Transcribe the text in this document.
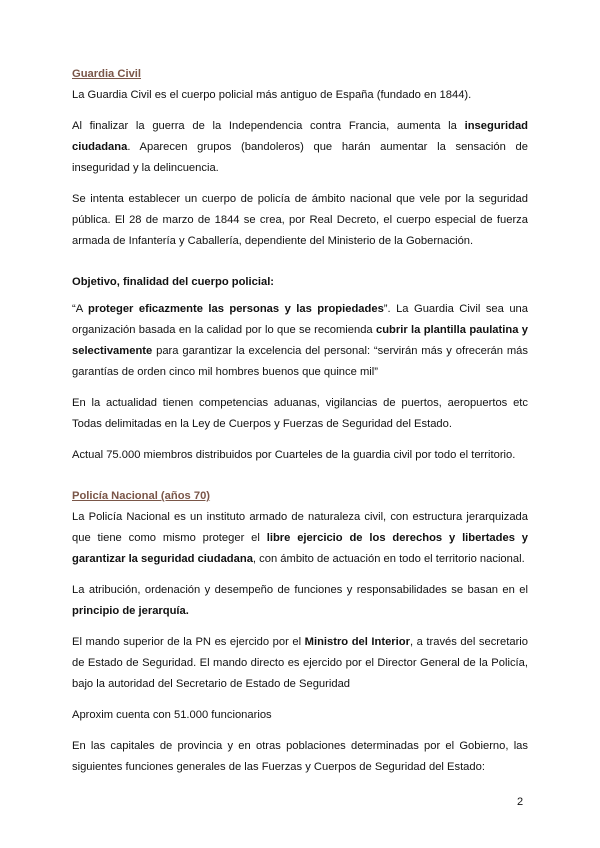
Guardia Civil

La Guardia Civil es el cuerpo policial más antiguo de España (fundado en 1844).

Al finalizar la guerra de la Independencia contra Francia, aumenta la inseguridad ciudadana. Aparecen grupos (bandoleros) que harán aumentar la sensación de inseguridad y la delincuencia.

Se intenta establecer un cuerpo de policía de ámbito nacional que vele por la seguridad pública. El 28 de marzo de 1844 se crea, por Real Decreto, el cuerpo especial de fuerza armada de Infantería y Caballería, dependiente del Ministerio de la Gobernación.

Objetivo, finalidad del cuerpo policial:

“A proteger eficazmente las personas y las propiedades”. La Guardia Civil sea una organización basada en la calidad por lo que se recomienda cubrir la plantilla paulatina y selectivamente para garantizar la excelencia del personal: “servirán más y ofrecerán más garantías de orden cinco mil hombres buenos que quince mil”

En la actualidad tienen competencias aduanas, vigilancias de puertos, aeropuertos etc Todas delimitadas en la Ley de Cuerpos y Fuerzas de Seguridad del Estado.

Actual 75.000 miembros distribuidos por Cuarteles de la guardia civil por todo el territorio.

Policía Nacional (años 70)

La Policía Nacional es un instituto armado de naturaleza civil, con estructura jerarquizada que tiene como mismo proteger el libre ejercicio de los derechos y libertades y garantizar la seguridad ciudadana, con ámbito de actuación en todo el territorio nacional.

La atribución, ordenación y desempeño de funciones y responsabilidades se basan en el principio de jerarquía.

El mando superior de la PN es ejercido por el Ministro del Interior, a través del secretario de Estado de Seguridad. El mando directo es ejercido por el Director General de la Policía, bajo la autoridad del Secretario de Estado de Seguridad

Aproxim cuenta con 51.000 funcionarios

En las capitales de provincia y en otras poblaciones determinadas por el Gobierno, las siguientes funciones generales de las Fuerzas y Cuerpos de Seguridad del Estado:

2
